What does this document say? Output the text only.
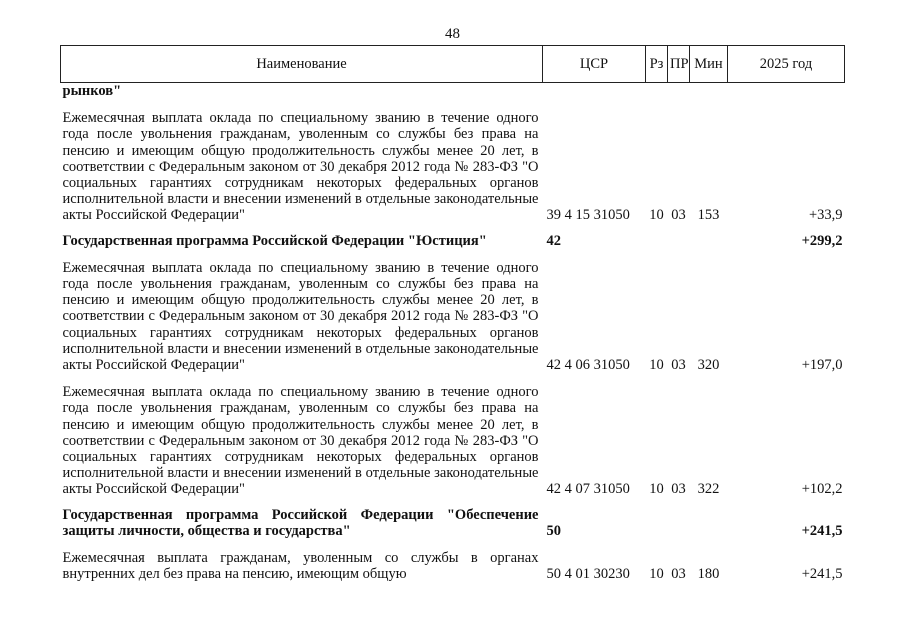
48
Наименование	ЦСР	Рз	ПР	Мин	2025 год
рынков"					
Ежемесячная выплата оклада по специальному званию в течение одного года после увольнения гражданам, уволенным со службы без права на пенсию и имеющим общую продолжительность службы менее 20 лет, в соответствии с Федеральным законом от 30 декабря 2012 года № 283-ФЗ "О социальных гарантиях сотрудникам некоторых федеральных органов исполнительной власти и внесении изменений в отдельные законодательные акты Российской Федерации"	39 4 15 31050	10	03	153	+33,9
Государственная программа Российской Федерации "Юстиция"	42				+299,2
Ежемесячная выплата оклада по специальному званию в течение одного года после увольнения гражданам, уволенным со службы без права на пенсию и имеющим общую продолжительность службы менее 20 лет, в соответствии с Федеральным законом от 30 декабря 2012 года № 283-ФЗ "О социальных гарантиях сотрудникам некоторых федеральных органов исполнительной власти и внесении изменений в отдельные законодательные акты Российской Федерации"	42 4 06 31050	10	03	320	+197,0
Ежемесячная выплата оклада по специальному званию в течение одного года после увольнения гражданам, уволенным со службы без права на пенсию и имеющим общую продолжительность службы менее 20 лет, в соответствии с Федеральным законом от 30 декабря 2012 года № 283-ФЗ "О социальных гарантиях сотрудникам некоторых федеральных органов исполнительной власти и внесении изменений в отдельные законодательные акты Российской Федерации"	42 4 07 31050	10	03	322	+102,2
Государственная программа Российской Федерации "Обеспечение защиты личности, общества и государства"	50				+241,5
Ежемесячная выплата гражданам, уволенным со службы в органах внутренних дел без права на пенсию, имеющим общую	50 4 01 30230	10	03	180	+241,5
